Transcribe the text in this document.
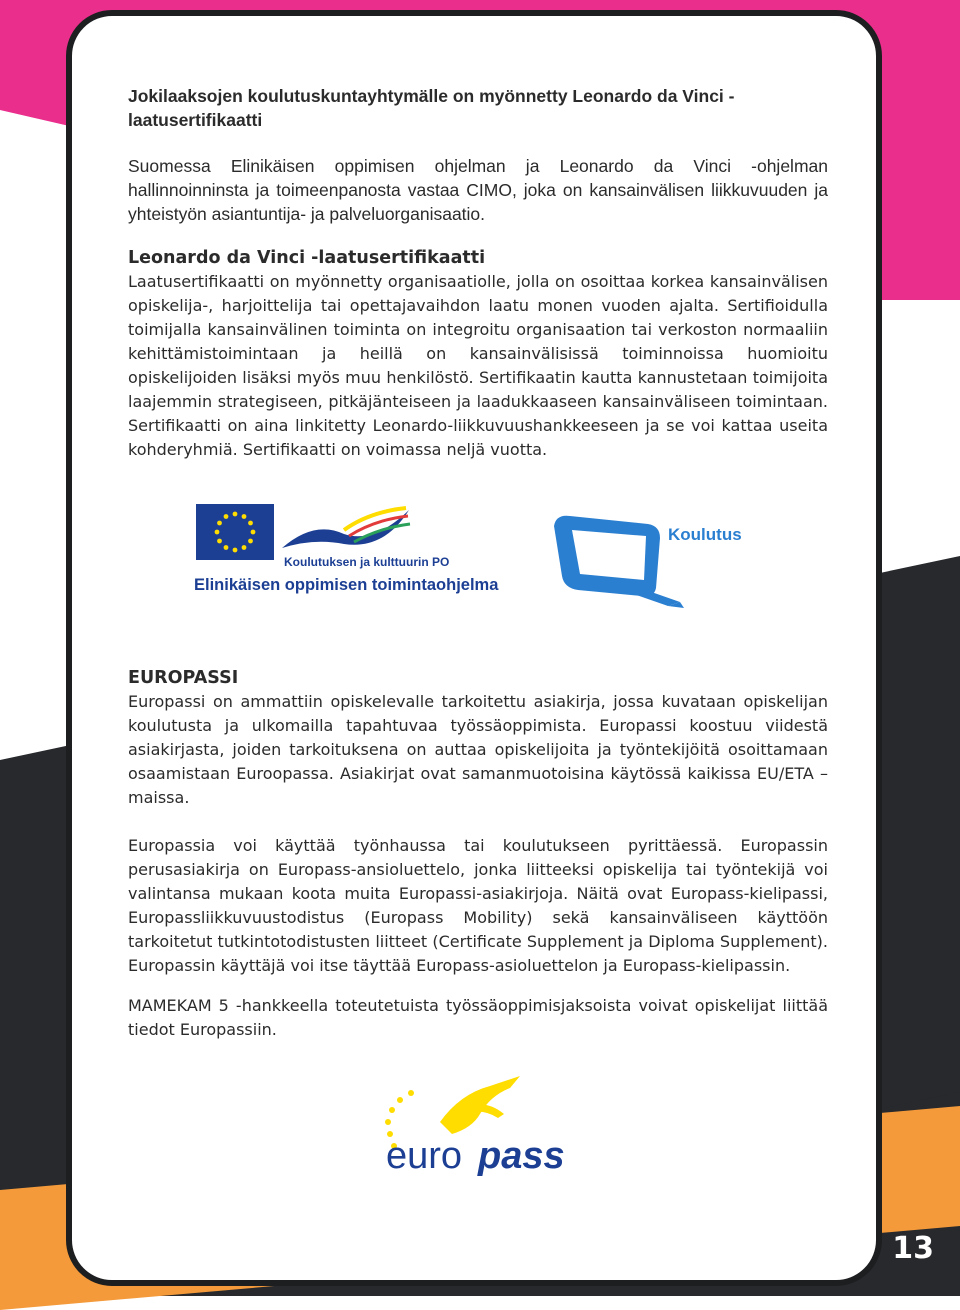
Jokilaaksojen koulutuskuntayhtymälle on myönnetty Leonardo da Vinci -laatusertifikaatti

Suomessa Elinikäisen oppimisen ohjelman ja Leonardo da Vinci -ohjelman hallinnoinninsta ja toimeenpanosta vastaa CIMO, joka on kansainvälisen liikkuvuuden ja yhteistyön asiantuntija- ja palveluorganisaatio.

Leonardo da Vinci -laatusertifikaatti

Laatusertifikaatti on myönnetty organisaatiolle, jolla on osoittaa korkea kansainvälisen opiskelija-, harjoittelija tai opettajavaihdon laatu monen vuoden ajalta. Sertifioidulla toimijalla kansainvälinen toiminta on integroitu organisaation tai verkoston normaaliin kehittämistoimintaan ja heillä on kansainvälisissä toiminnoissa huomioitu opiskelijoiden lisäksi myös muu henkilöstö. Sertifikaatin kautta kannustetaan toimijoita laajemmin strategiseen, pitkäjänteiseen ja laadukkaaseen kansainväliseen toimintaan. Sertifikaatti on aina linkitetty Leonardo-liikkuvuushankkeeseen ja se voi kattaa useita kohderyhmiä. Sertifikaatti on voimassa neljä vuotta.

Koulutuksen ja kulttuurin PO
Elinikäisen oppimisen toimintaohjelma
Koulutus

EUROPASSI

Europassi on ammattiin opiskelevalle tarkoitettu asiakirja, jossa kuvataan opiskelijan koulutusta ja ulkomailla tapahtuvaa työssäoppimista. Europassi koostuu viidestä asiakirjasta, joiden tarkoituksena on auttaa opiskelijoita ja työntekijöitä osoittamaan osaamistaan Euroopassa. Asiakirjat ovat samanmuotoisina käytössä kaikissa EU/ETA – maissa.

Europassia voi käyttää työnhaussa tai koulutukseen pyrittäessä. Europassin perusasiakirja on Europass-ansioluettelo, jonka liitteeksi opiskelija tai työntekijä voi valintansa mukaan koota muita Europassi-asiakirjoja. Näitä ovat Europass-kielipassi, Europassliikkuvuustodistus (Europass Mobility) sekä kansainväliseen käyttöön tarkoitetut tutkintotodistusten liitteet (Certificate Supplement ja Diploma Supplement). Europassin käyttäjä voi itse täyttää Europass-asioluettelon ja Europass-kielipassin.

MAMEKAM 5 -hankkeella toteutetuista työssäoppimisjaksoista voivat opiskelijat liittää tiedot Europassiin.

euro pass
13
